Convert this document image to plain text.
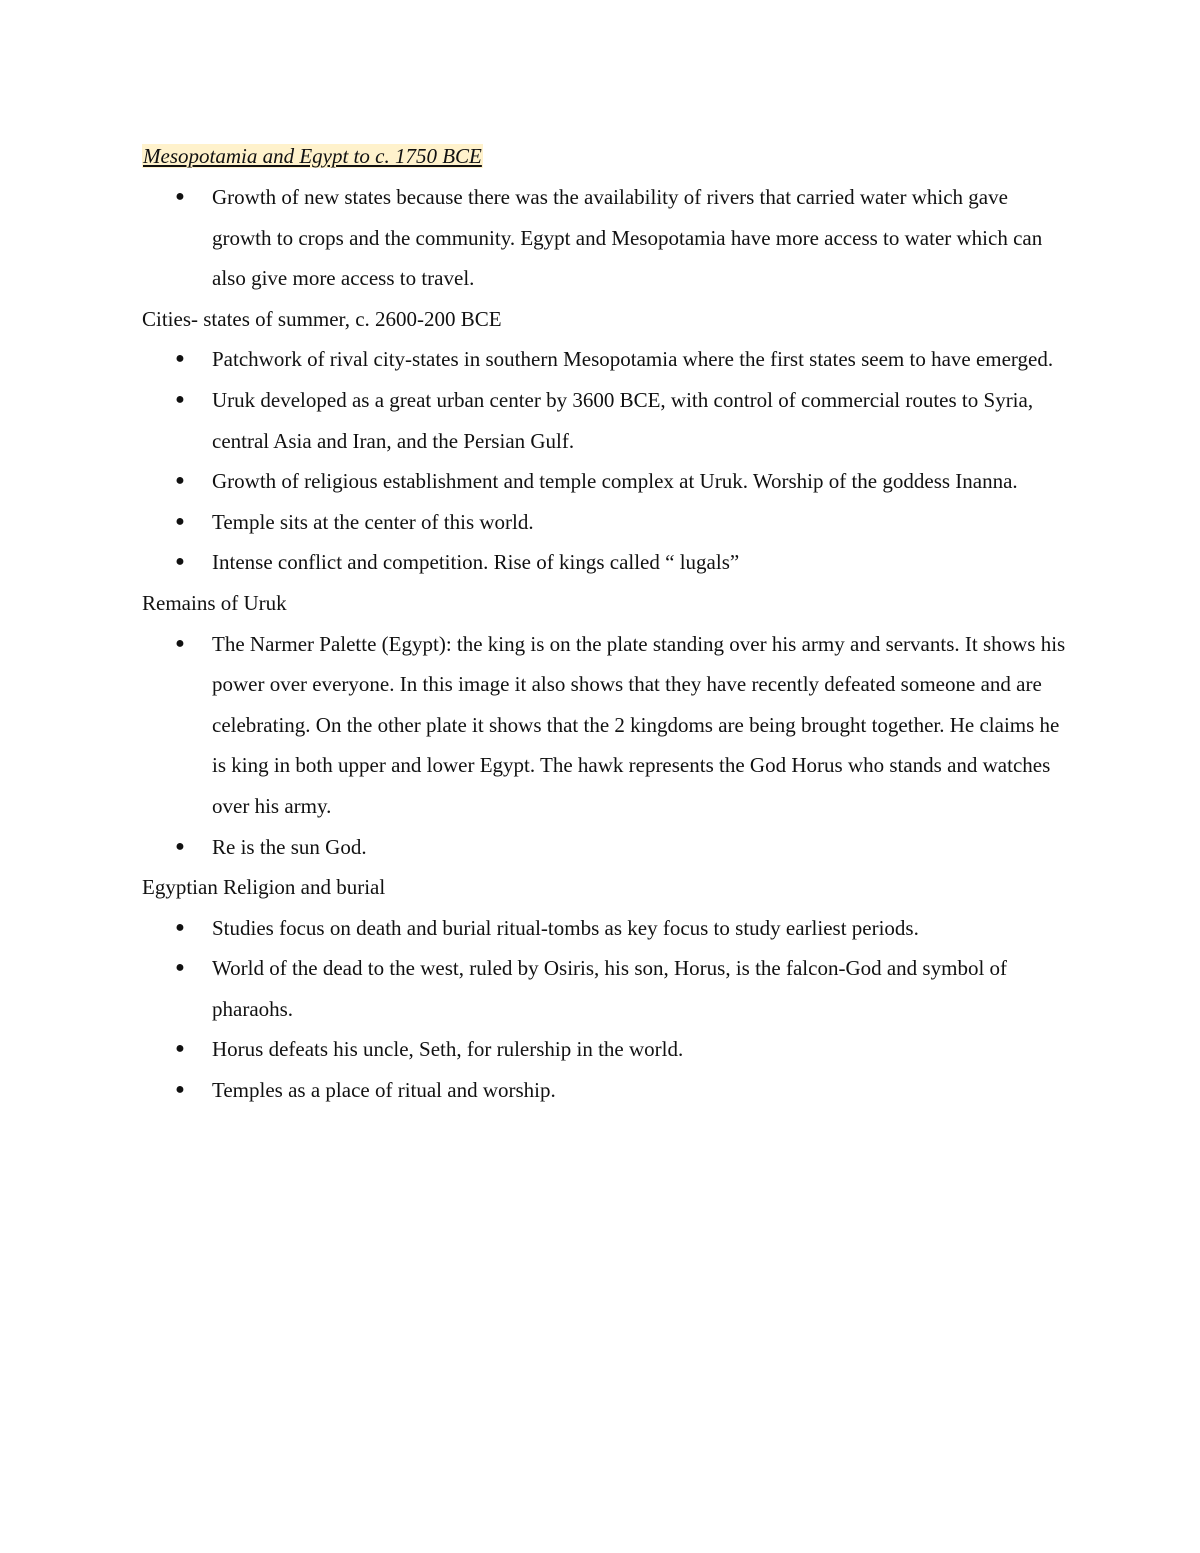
Mesopotamia and Egypt to c. 1750 BCE
● Growth of new states because there was the availability of rivers that carried water which gave growth to crops and the community. Egypt and Mesopotamia have more access to water which can also give more access to travel.
Cities- states of summer, c. 2600-200 BCE
● Patchwork of rival city-states in southern Mesopotamia where the first states seem to have emerged.
● Uruk developed as a great urban center by 3600 BCE, with control of commercial routes to Syria, central Asia and Iran, and the Persian Gulf.
● Growth of religious establishment and temple complex at Uruk. Worship of the goddess Inanna.
● Temple sits at the center of this world.
● Intense conflict and competition. Rise of kings called “ lugals”
Remains of Uruk
● The Narmer Palette (Egypt): the king is on the plate standing over his army and servants. It shows his power over everyone. In this image it also shows that they have recently defeated someone and are celebrating. On the other plate it shows that the 2 kingdoms are being brought together. He claims he is king in both upper and lower Egypt. The hawk represents the God Horus who stands and watches over his army.
● Re is the sun God.
Egyptian Religion and burial
● Studies focus on death and burial ritual-tombs as key focus to study earliest periods.
● World of the dead to the west, ruled by Osiris, his son, Horus, is the falcon-God and symbol of pharaohs.
● Horus defeats his uncle, Seth, for rulership in the world.
● Temples as a place of ritual and worship.
